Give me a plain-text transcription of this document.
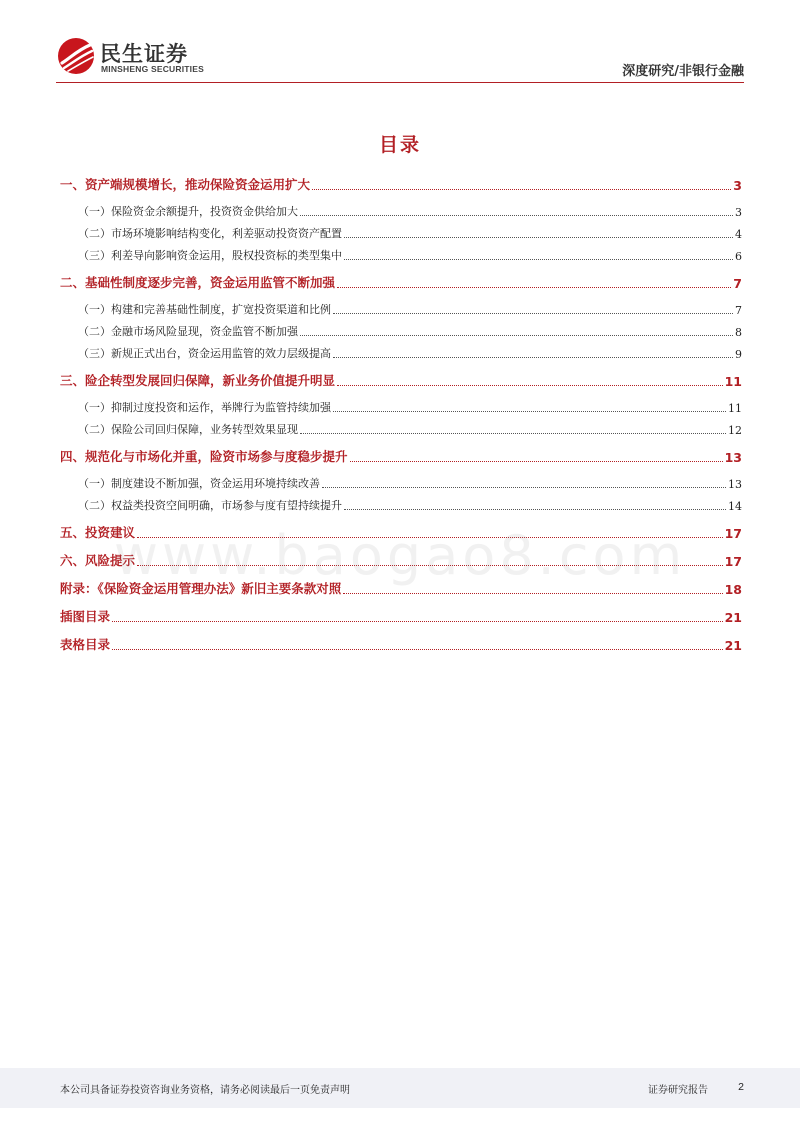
民生证券
MINSHENG SECURITIES	深度研究/非银行金融
目录
一、资产端规模增长，推动保险资金运用扩大	3
（一）保险资金余额提升，投资资金供给加大	3
（二）市场环境影响结构变化，利差驱动投资资产配置	4
（三）利差导向影响资金运用，股权投资标的类型集中	6
二、基础性制度逐步完善，资金运用监管不断加强	7
（一）构建和完善基础性制度，扩宽投资渠道和比例	7
（二）金融市场风险显现，资金监管不断加强	8
（三）新规正式出台，资金运用监管的效力层级提高	9
三、险企转型发展回归保障，新业务价值提升明显	11
（一）抑制过度投资和运作，举牌行为监管持续加强	11
（二）保险公司回归保障，业务转型效果显现	12
四、规范化与市场化并重，险资市场参与度稳步提升	13
（一）制度建设不断加强，资金运用环境持续改善	13
（二）权益类投资空间明确，市场参与度有望持续提升	14
五、投资建议	17
六、风险提示	17
附录：《保险资金运用管理办法》新旧主要条款对照	18
插图目录	21
表格目录	21
www.baogao8.com
本公司具备证券投资咨询业务资格，请务必阅读最后一页免责声明	证券研究报告	2
